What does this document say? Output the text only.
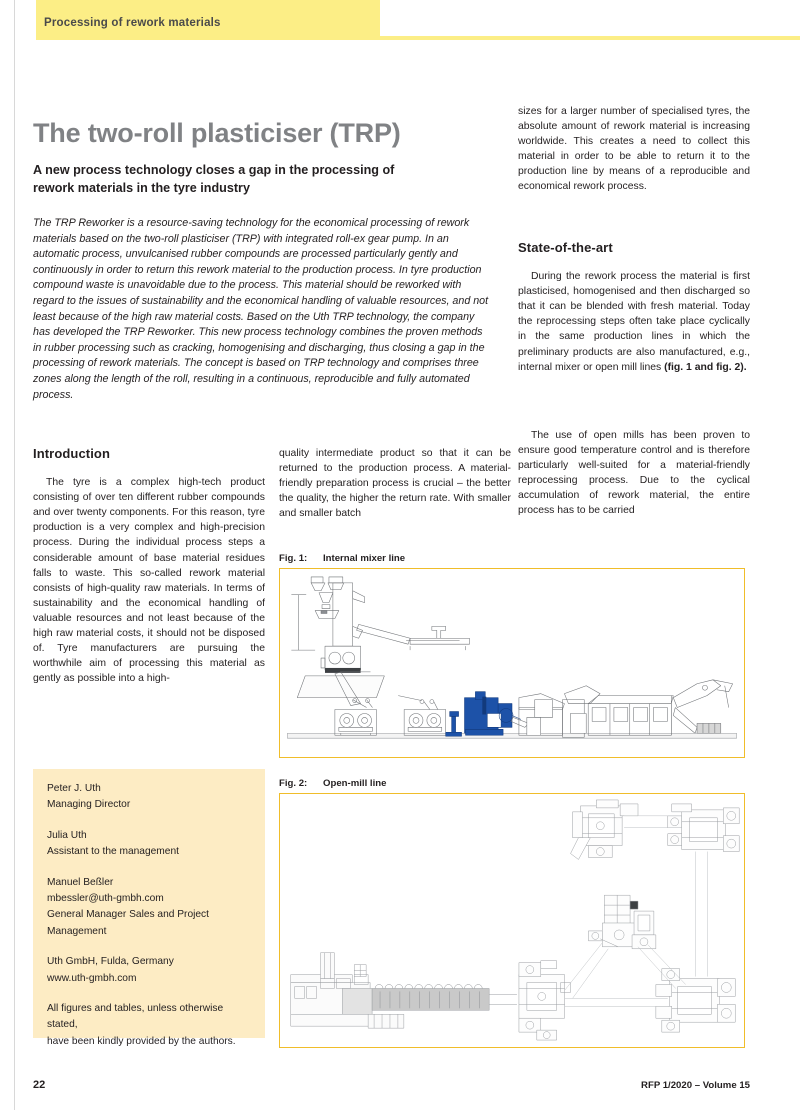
Processing of rework materials
The two-roll plasticiser (TRP)
A new process technology closes a gap in the processing of rework materials in the tyre industry
The TRP Reworker is a resource-saving technology for the economical processing of rework materials based on the two-roll plasticiser (TRP) with integrated roll-ex gear pump. In an automatic process, unvulcanised rubber compounds are processed particularly gently and continuously in order to return this rework material to the production process. In tyre production compound waste is unavoidable due to the process. This material should be reworked with regard to the issues of sustainability and the economical handling of valuable resources, and not least because of the high raw material costs. Based on the Uth TRP technology, the company has developed the TRP Reworker. This new process technology combines the proven methods in rubber processing such as cracking, homogenising and discharging, thus closing a gap in the processing of rework materials. The concept is based on TRP technology and comprises three zones along the length of the roll, resulting in a continuous, reproducible and fully automated process.
Introduction

The tyre is a complex high-tech product consisting of over ten different rubber compounds and over twenty components. For this reason, tyre production is a very complex and high-precision process. During the individual process steps a considerable amount of base material residues falls to waste. This so-called rework material consists of high-quality raw materials. In terms of sustainability and the economical handling of valuable resources and not least because of the high raw material costs, it should not be disposed of. Tyre manufacturers are pursuing the worthwhile aim of processing this material as gently as possible into a high-

quality intermediate product so that it can be returned to the production process. A material-friendly preparation process is crucial – the better the quality, the higher the return rate. With smaller and smaller batch

sizes for a larger number of specialised tyres, the absolute amount of rework material is increasing worldwide. This creates a need to collect this material in order to be able to return it to the production line by means of a reproducible and economical rework process.

State-of-the-art

During the rework process the material is first plasticised, homogenised and then discharged so that it can be blended with fresh material. Today the reprocessing steps often take place cyclically in the same production lines in which the preliminary products are also manufactured, e.g., internal mixer or open mill lines (fig. 1 and fig. 2).

The use of open mills has been proven to ensure good temperature control and is therefore particularly well-suited for a material-friendly reprocessing process. Due to the cyclical accumulation of rework material, the entire process has to be carried

Peter J. Uth
Managing Director
Julia Uth
Assistant to the management
Manuel Beßler
mbessler@uth-gmbh.com
General Manager Sales and Project Management
Uth GmbH, Fulda, Germany
www.uth-gmbh.com
All figures and tables, unless otherwise stated,
have been kindly provided by the authors.
Fig. 1: Internal mixer line
Fig. 2: Open-mill line
22	RFP 1/2020 – Volume 15
